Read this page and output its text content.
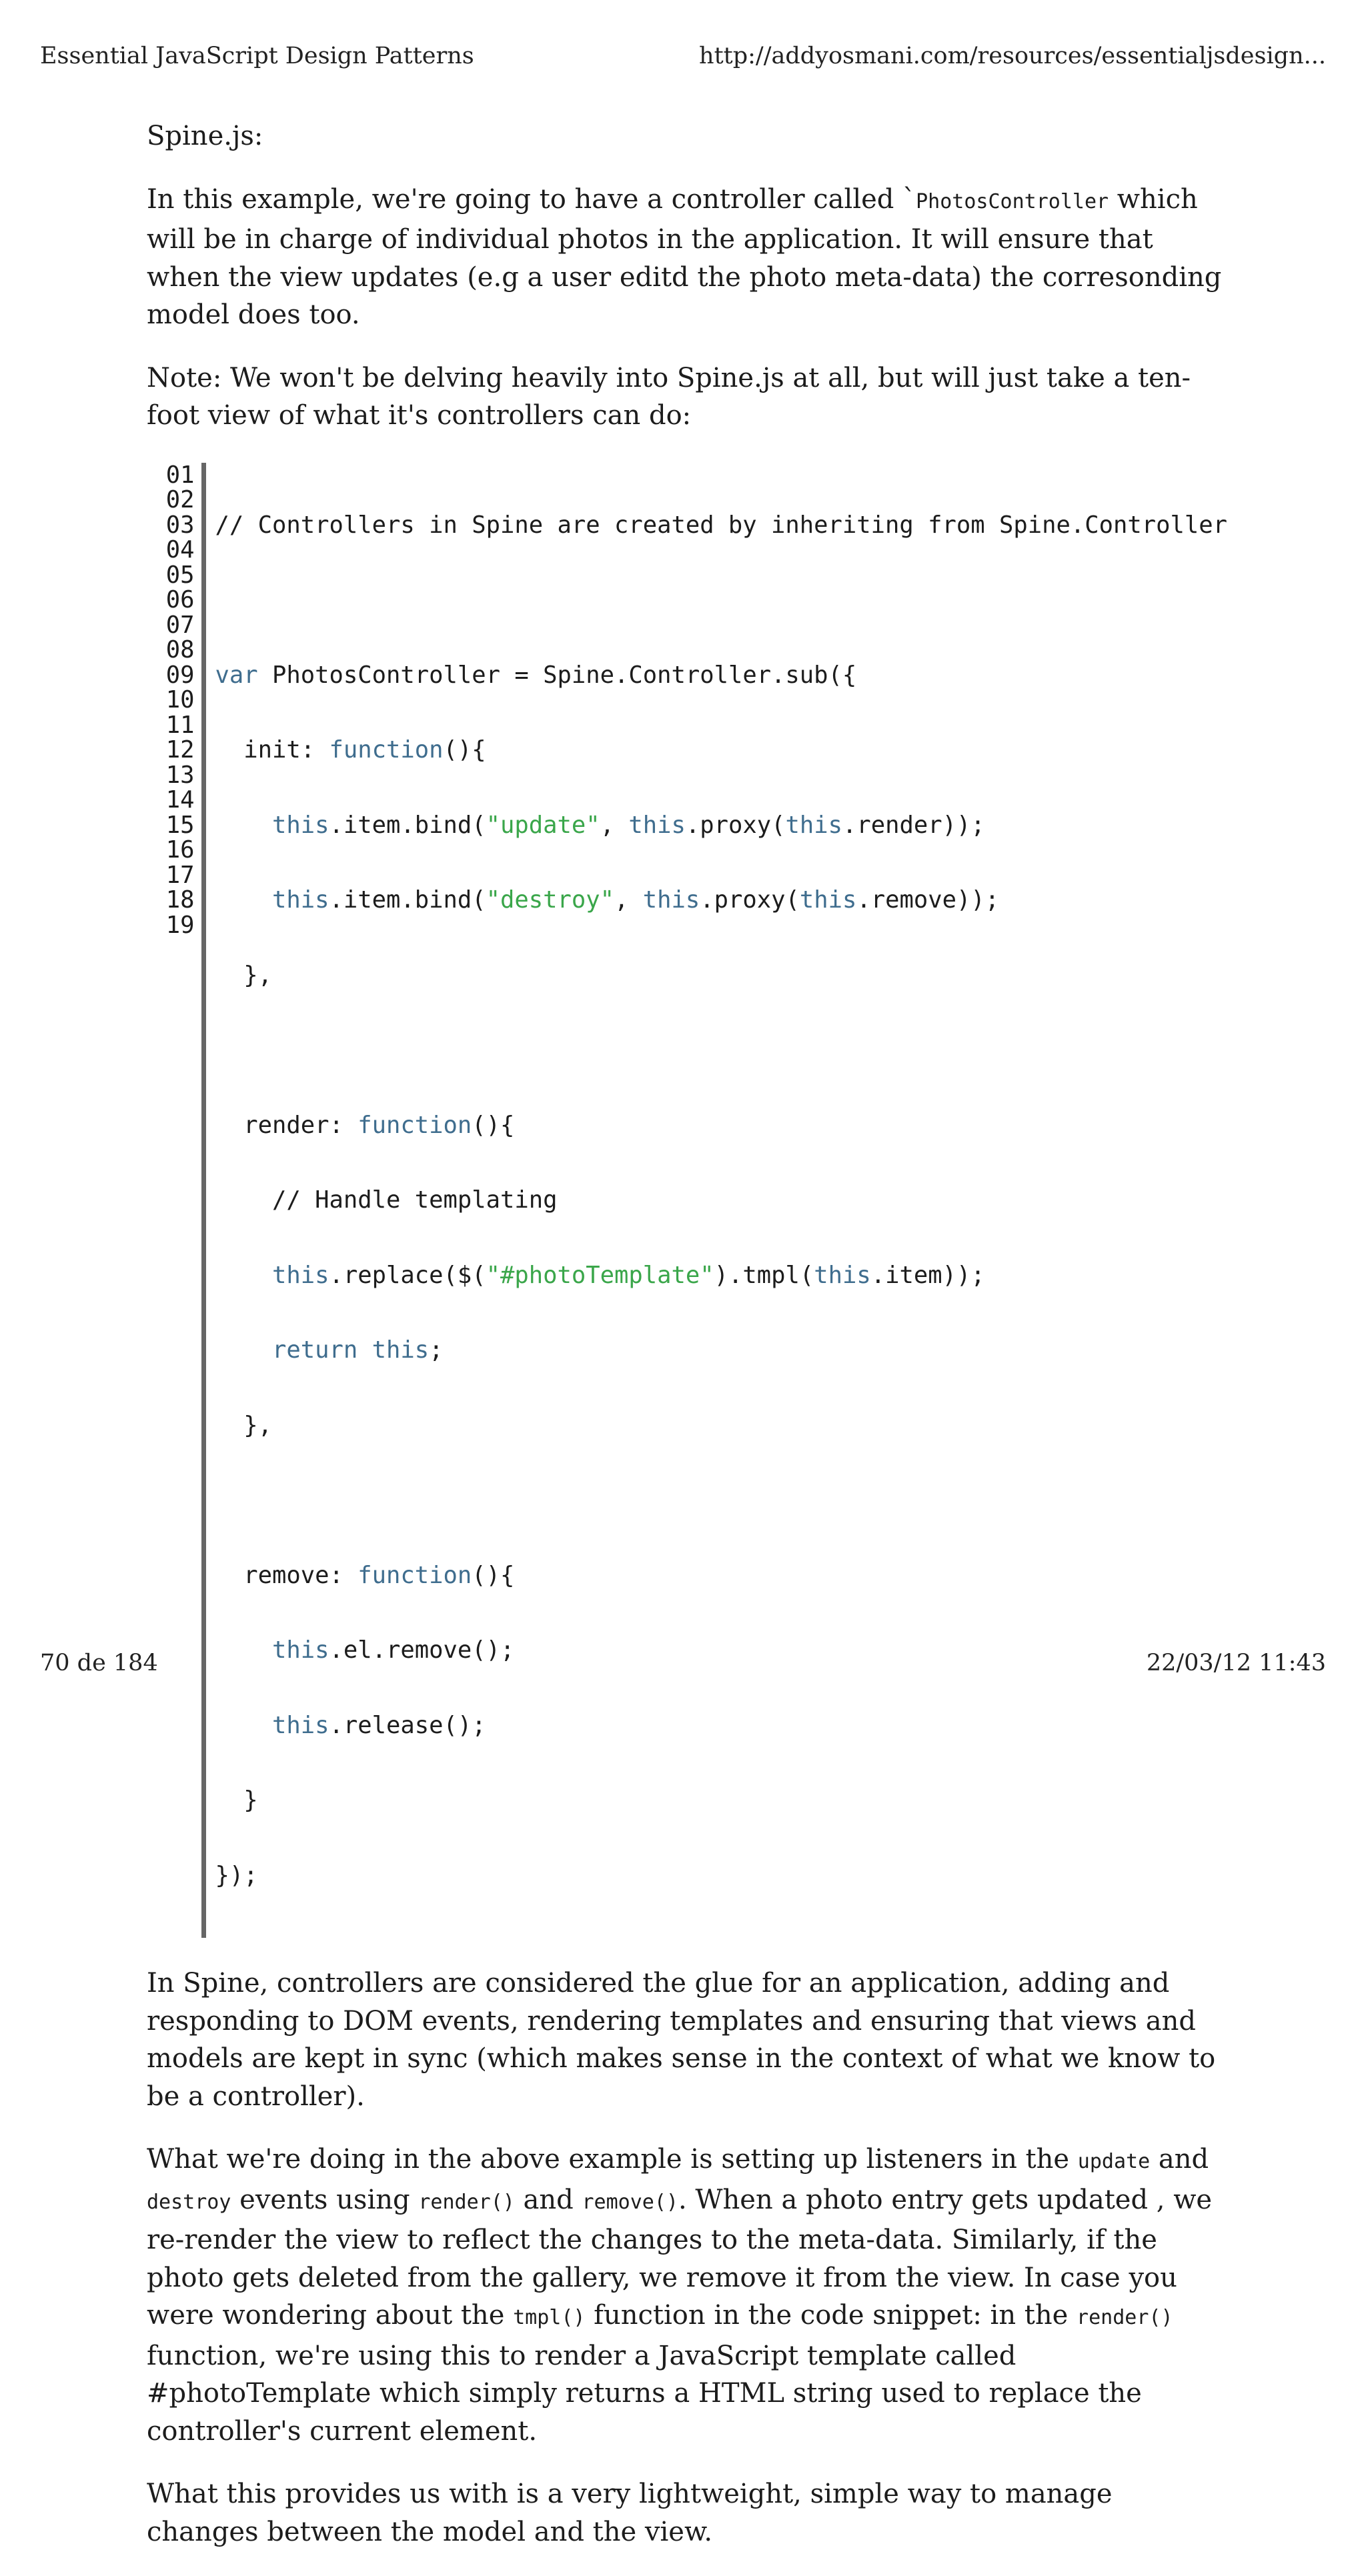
Essential JavaScript Design Patterns	http://addyosmani.com/resources/essentialjsdesign...

Spine.js:

In this example, we're going to have a controller called `PhotosController which will be in charge of individual photos in the application. It will ensure that when the view updates (e.g a user editd the photo meta-data) the corresonding model does too.

Note: We won't be delving heavily into Spine.js at all, but will just take a ten-foot view of what it's controllers can do:

01
02
03
04
05
06
07
08
09
10
11
12
13
14
15
16
17
18
19

// Controllers in Spine are created by inheriting from Spine.Controller

var PhotosController = Spine.Controller.sub({

init: function(){

this.item.bind("update", this.proxy(this.render));

this.item.bind("destroy", this.proxy(this.remove));

},

render: function(){

// Handle templating

this.replace($("#photoTemplate").tmpl(this.item));

return this;

},

remove: function(){

this.el.remove();

this.release();

}

});

In Spine, controllers are considered the glue for an application, adding and responding to DOM events, rendering templates and ensuring that views and models are kept in sync (which makes sense in the context of what we know to be a controller).

What we're doing in the above example is setting up listeners in the update and destroy events using render() and remove(). When a photo entry gets updated , we re-render the view to reflect the changes to the meta-data. Similarly, if the photo gets deleted from the gallery, we remove it from the view. In case you were wondering about the tmpl() function in the code snippet: in the render() function, we're using this to render a JavaScript template called #photoTemplate which simply returns a HTML string used to replace the controller's current element.

What this provides us with is a very lightweight, simple way to manage changes between the model and the view.

70 de 184	22/03/12 11:43
